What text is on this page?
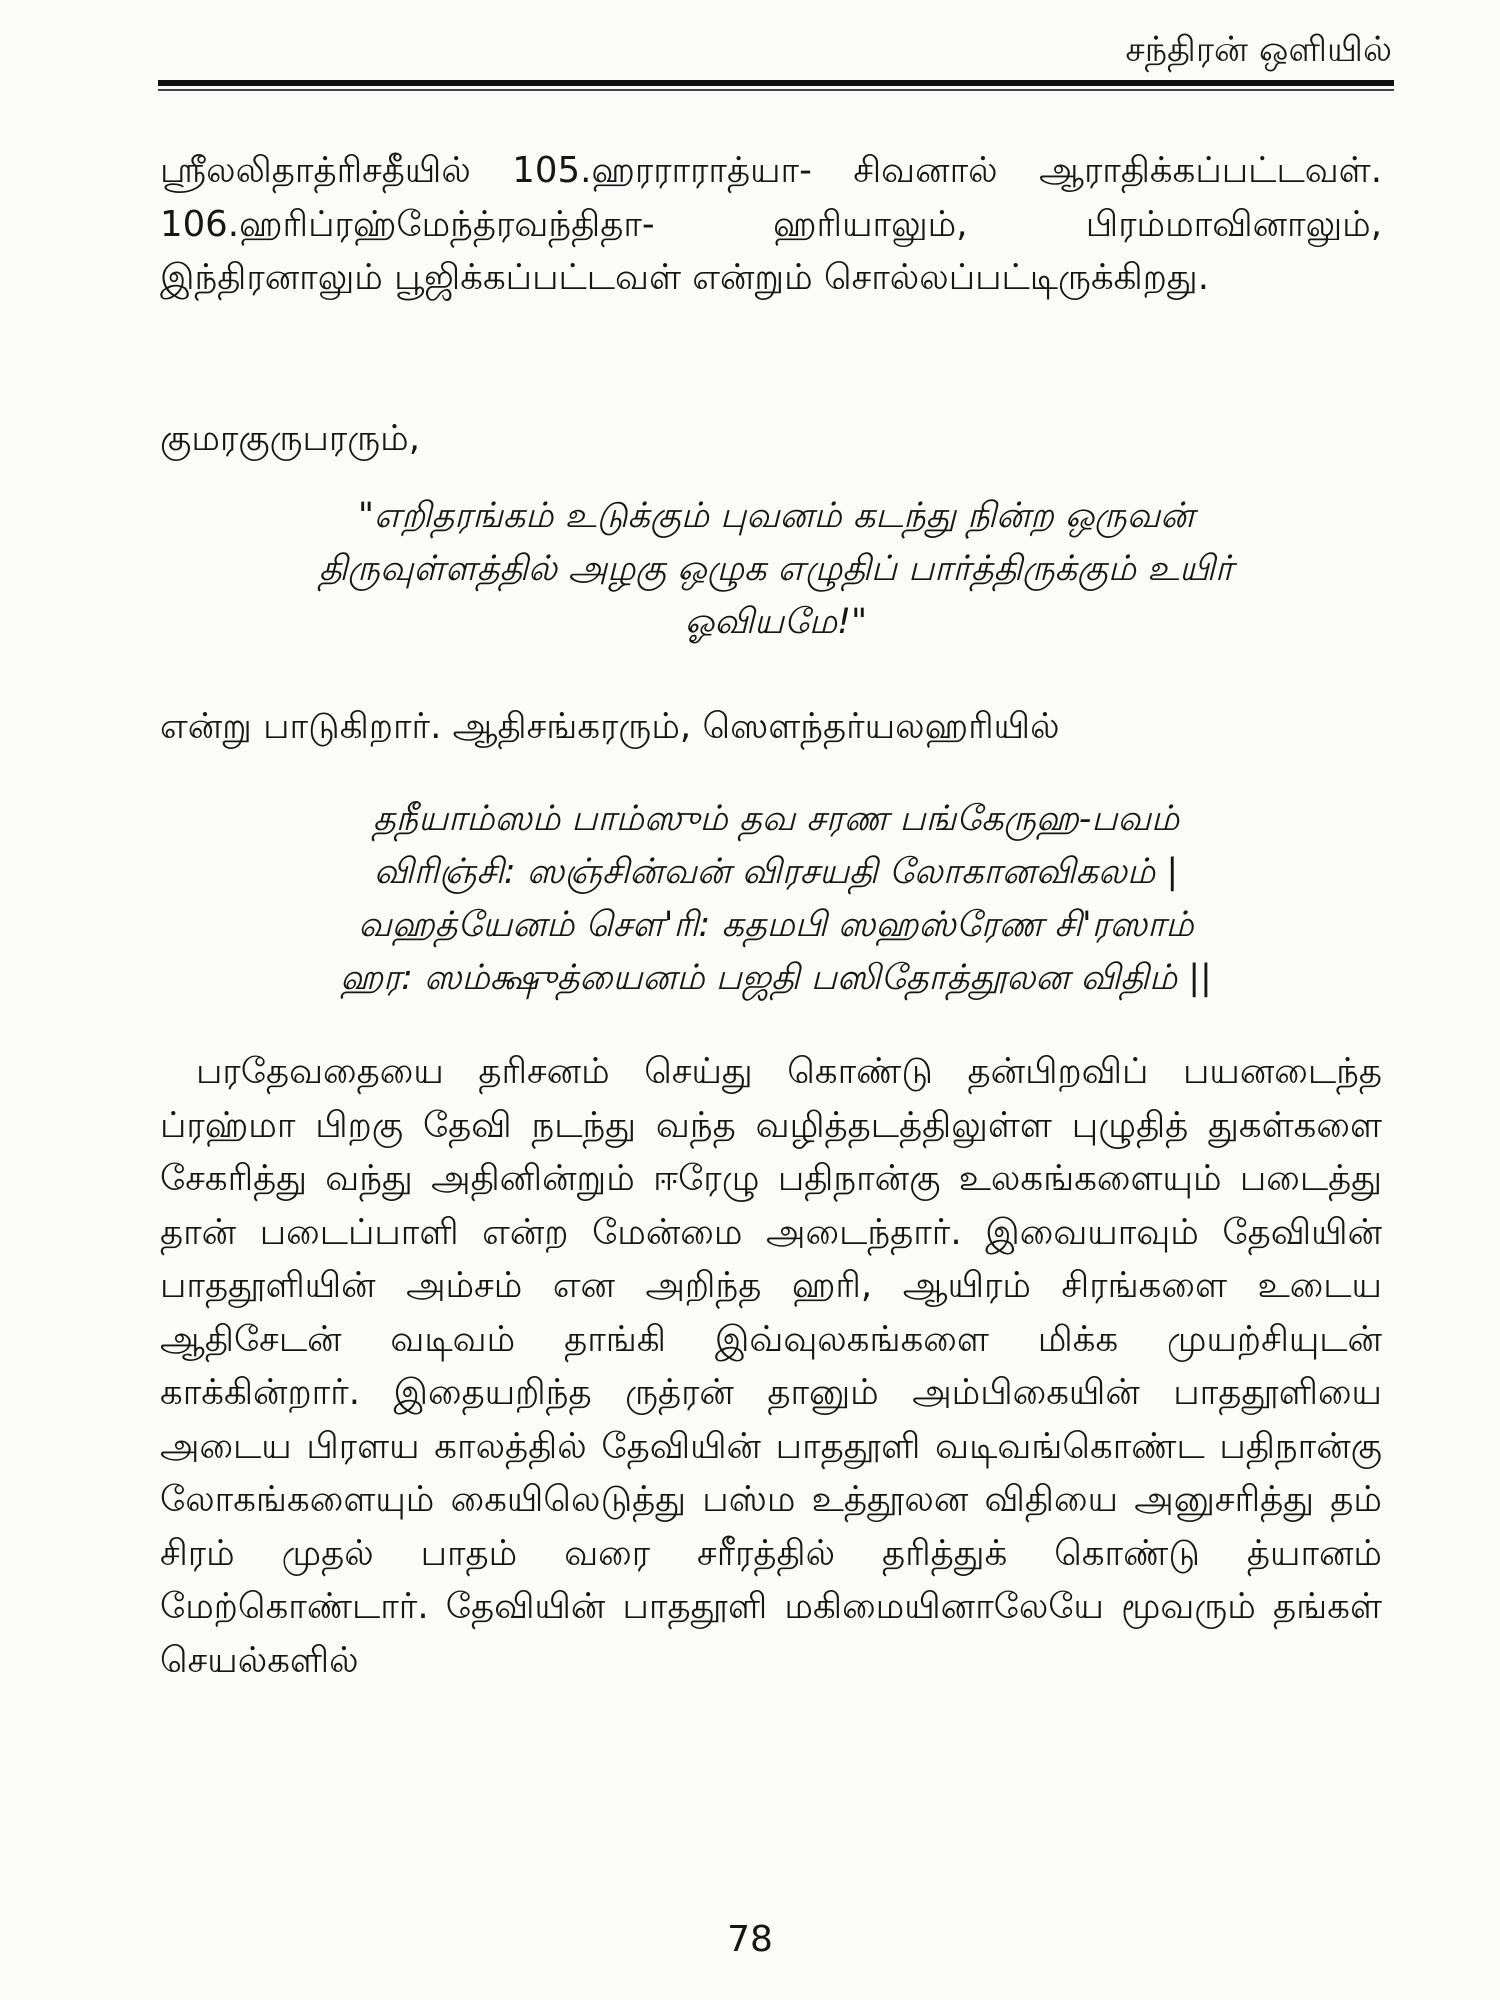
சந்திரன் ஒளியில்

ஸ்ரீலலிதாத்ரிசதீயில் 105.ஹரராராத்யா- சிவனால் ஆராதிக்கப்பட்டவள். 106.ஹரிப்ரஹ்மேந்த்ரவந்திதா- ஹரியாலும், பிரம்மாவினாலும், இந்திரனாலும் பூஜிக்கப்பட்டவள் என்றும் சொல்லப்பட்டிருக்கிறது.

குமரகுருபரரும்,

"எறிதரங்கம் உடுக்கும் புவனம் கடந்து நின்ற ஒருவன்
திருவுள்ளத்தில் அழகு ஒழுக எழுதிப் பார்த்திருக்கும் உயிர்
ஓவியமே!"

என்று பாடுகிறார். ஆதிசங்கரரும், ஸௌந்தர்யலஹரியில்

தநீயாம்ஸம் பாம்ஸும் தவ சரண பங்கேருஹ-பவம்
விரிஞ்சி: ஸஞ்சின்வன் விரசயதி லோகானவிகலம் |
வஹத்யேனம் சௌ'ரி: கதமபி ஸஹஸ்ரேண சி'ரஸாம்
ஹர: ஸம்க்ஷுத்யைனம் பஜதி பஸிதோத்தூலன விதிம் ||

பரதேவதையை தரிசனம் செய்து கொண்டு தன்பிறவிப் பயனடைந்த ப்ரஹ்மா பிறகு தேவி நடந்து வந்த வழித்தடத்திலுள்ள புழுதித் துகள்களை சேகரித்து வந்து அதினின்றும் ஈரேழு பதிநான்கு உலகங்களையும் படைத்து தான் படைப்பாளி என்ற மேன்மை அடைந்தார். இவையாவும் தேவியின் பாததூளியின் அம்சம் என அறிந்த ஹரி, ஆயிரம் சிரங்களை உடைய ஆதிசேடன் வடிவம் தாங்கி இவ்வுலகங்களை மிக்க முயற்சியுடன் காக்கின்றார். இதையறிந்த ருத்ரன் தானும் அம்பிகையின் பாததூளியை அடைய பிரளய காலத்தில் தேவியின் பாததூளி வடிவங்கொண்ட பதிநான்கு லோகங்களையும் கையிலெடுத்து பஸ்ம உத்தூலன விதியை அனுசரித்து தம் சிரம் முதல் பாதம் வரை சரீரத்தில் தரித்துக் கொண்டு த்யானம் மேற்கொண்டார். தேவியின் பாததூளி மகிமையினாலேயே மூவரும் தங்கள் செயல்களில்

78
